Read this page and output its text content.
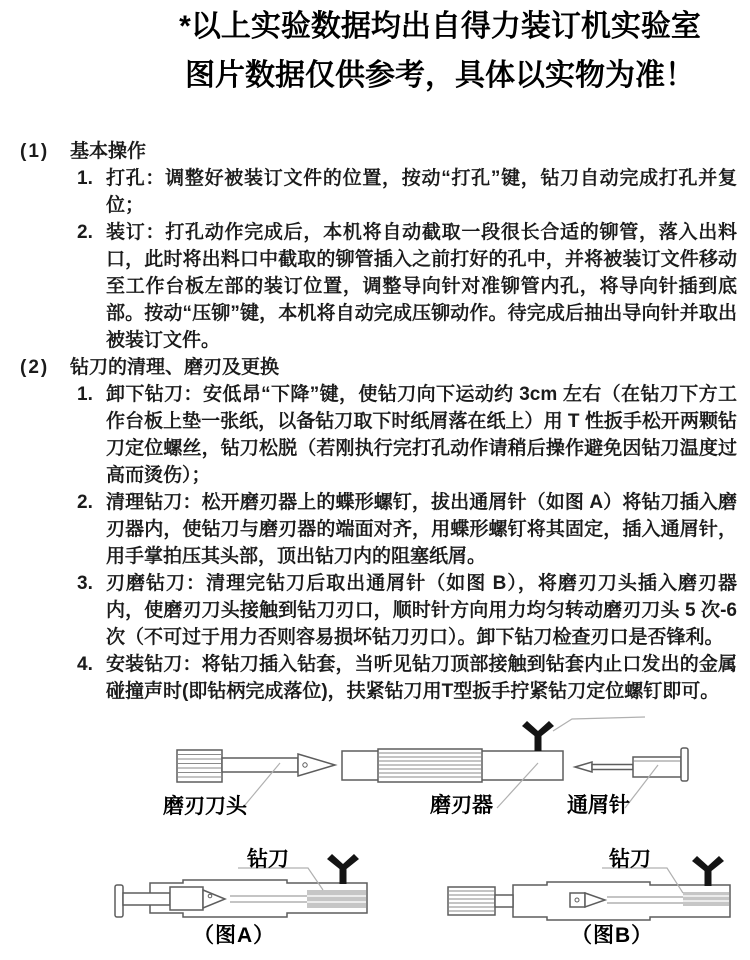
*以上实验数据均出自得力装订机实验室
图片数据仅供参考，具体以实物为准！
(1)	基本操作
1. 打孔：调整好被装订文件的位置，按动“打孔”键，钻刀自动完成打孔并复位；
2. 装订：打孔动作完成后，本机将自动截取一段很长合适的铆管，落入出料口，此时将出料口中截取的铆管插入之前打好的孔中，并将被装订文件移动至工作台板左部的装订位置，调整导向针对准铆管内孔，将导向针插到底部。按动“压铆”键，本机将自动完成压铆动作。待完成后抽出导向针并取出被装订文件。
(2)	钻刀的清理、磨刃及更换
1. 卸下钻刀：安低昂“下降”键，使钻刀向下运动约 3cm 左右（在钻刀下方工作台板上垫一张纸，以备钻刀取下时纸屑落在纸上）用 T 性扳手松开两颗钻刀定位螺丝，钻刀松脱（若刚执行完打孔动作请稍后操作避免因钻刀温度过高而烫伤）；
2. 清理钻刀：松开磨刃器上的蝶形螺钉，拔出通屑针（如图 A）将钻刀插入磨刃器内，使钻刀与磨刃器的端面对齐，用蝶形螺钉将其固定，插入通屑针，用手掌拍压其头部，顶出钻刀内的阻塞纸屑。
3. 刃磨钻刀：清理完钻刀后取出通屑针（如图 B），将磨刃刀头插入磨刃器内，使磨刃刀头接触到钻刀刃口，顺时针方向用力均匀转动磨刃刀头 5 次-6 次（不可过于用力否则容易损坏钻刀刃口）。卸下钻刀检查刃口是否锋利。
4. 安装钻刀：将钻刀插入钻套，当听见钻刀顶部接触到钻套内止口发出的金属碰撞声时(即钻柄完成落位)，扶紧钻刀用T型扳手拧紧钻刀定位螺钉即可。
磨刃刀头	磨刃器	通屑针
钻刀
（图A）
钻刀
（图B）
